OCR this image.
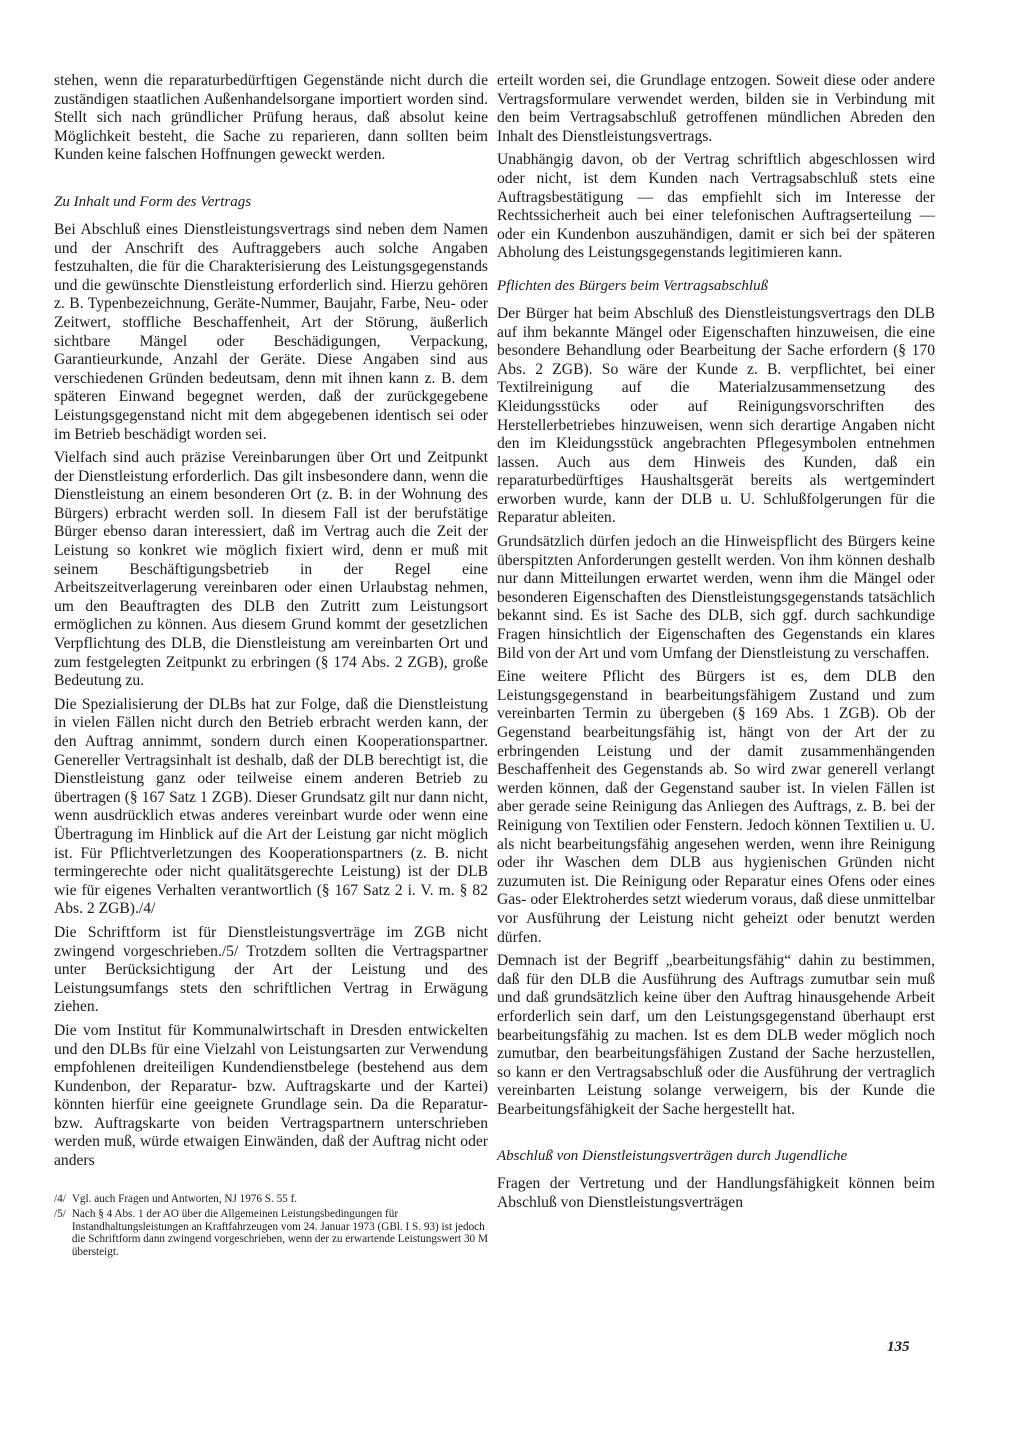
stehen, wenn die reparaturbedürftigen Gegenstände nicht durch die zuständigen staatlichen Außenhandelsorgane importiert worden sind. Stellt sich nach gründlicher Prüfung heraus, daß absolut keine Möglichkeit besteht, die Sache zu reparieren, dann sollten beim Kunden keine falschen Hoffnungen geweckt werden.

Zu Inhalt und Form des Vertrags

Bei Abschluß eines Dienstleistungsvertrags sind neben dem Namen und der Anschrift des Auftraggebers auch solche Angaben festzuhalten, die für die Charakterisierung des Leistungsgegenstands und die gewünschte Dienstleistung erforderlich sind. Hierzu gehören z. B. Typenbezeichnung, Geräte-Nummer, Baujahr, Farbe, Neu- oder Zeitwert, stoffliche Beschaffenheit, Art der Störung, äußerlich sichtbare Mängel oder Beschädigungen, Verpackung, Garantieurkunde, Anzahl der Geräte. Diese Angaben sind aus verschiedenen Gründen bedeutsam, denn mit ihnen kann z. B. dem späteren Einwand begegnet werden, daß der zurückgegebene Leistungsgegenstand nicht mit dem abgegebenen identisch sei oder im Betrieb beschädigt worden sei.

Vielfach sind auch präzise Vereinbarungen über Ort und Zeitpunkt der Dienstleistung erforderlich. Das gilt insbesondere dann, wenn die Dienstleistung an einem besonderen Ort (z. B. in der Wohnung des Bürgers) erbracht werden soll. In diesem Fall ist der berufstätige Bürger ebenso daran interessiert, daß im Vertrag auch die Zeit der Leistung so konkret wie möglich fixiert wird, denn er muß mit seinem Beschäftigungsbetrieb in der Regel eine Arbeitszeitverlagerung vereinbaren oder einen Urlaubstag nehmen, um den Beauftragten des DLB den Zutritt zum Leistungsort ermöglichen zu können. Aus diesem Grund kommt der gesetzlichen Verpflichtung des DLB, die Dienstleistung am vereinbarten Ort und zum festgelegten Zeitpunkt zu erbringen (§ 174 Abs. 2 ZGB), große Bedeutung zu.

Die Spezialisierung der DLBs hat zur Folge, daß die Dienstleistung in vielen Fällen nicht durch den Betrieb erbracht werden kann, der den Auftrag annimmt, sondern durch einen Kooperationspartner. Genereller Vertragsinhalt ist deshalb, daß der DLB berechtigt ist, die Dienstleistung ganz oder teilweise einem anderen Betrieb zu übertragen (§ 167 Satz 1 ZGB). Dieser Grundsatz gilt nur dann nicht, wenn ausdrücklich etwas anderes vereinbart wurde oder wenn eine Übertragung im Hinblick auf die Art der Leistung gar nicht möglich ist. Für Pflichtverletzungen des Kooperationspartners (z. B. nicht termingerechte oder nicht qualitätsgerechte Leistung) ist der DLB wie für eigenes Verhalten verantwortlich (§ 167 Satz 2 i. V. m. § 82 Abs. 2 ZGB)./4/

Die Schriftform ist für Dienstleistungsverträge im ZGB nicht zwingend vorgeschrieben./5/ Trotzdem sollten die Vertragspartner unter Berücksichtigung der Art der Leistung und des Leistungsumfangs stets den schriftlichen Vertrag in Erwägung ziehen.

Die vom Institut für Kommunalwirtschaft in Dresden entwickelten und den DLBs für eine Vielzahl von Leistungsarten zur Verwendung empfohlenen dreiteiligen Kundendienstbelege (bestehend aus dem Kundenbon, der Reparatur- bzw. Auftragskarte und der Kartei) könnten hierfür eine geeignete Grundlage sein. Da die Reparatur- bzw. Auftragskarte von beiden Vertragspartnern unterschrieben werden muß, würde etwaigen Einwänden, daß der Auftrag nicht oder anders

/4/ Vgl. auch Fragen und Antworten, NJ 1976 S. 55 f.
/5/ Nach § 4 Abs. 1 der AO über die Allgemeinen Leistungsbedingungen für Instandhaltungsleistungen an Kraftfahrzeugen vom 24. Januar 1973 (GBl. I S. 93) ist jedoch die Schriftform dann zwingend vorgeschrieben, wenn der zu erwartende Leistungswert 30 M übersteigt.

erteilt worden sei, die Grundlage entzogen. Soweit diese oder andere Vertragsformulare verwendet werden, bilden sie in Verbindung mit den beim Vertragsabschluß getroffenen mündlichen Abreden den Inhalt des Dienstleistungsvertrags.

Unabhängig davon, ob der Vertrag schriftlich abgeschlossen wird oder nicht, ist dem Kunden nach Vertragsabschluß stets eine Auftragsbestätigung — das empfiehlt sich im Interesse der Rechtssicherheit auch bei einer telefonischen Auftragserteilung — oder ein Kundenbon auszuhändigen, damit er sich bei der späteren Abholung des Leistungsgegenstands legitimieren kann.

Pflichten des Bürgers beim Vertragsabschluß

Der Bürger hat beim Abschluß des Dienstleistungsvertrags den DLB auf ihm bekannte Mängel oder Eigenschaften hinzuweisen, die eine besondere Behandlung oder Bearbeitung der Sache erfordern (§ 170 Abs. 2 ZGB). So wäre der Kunde z. B. verpflichtet, bei einer Textilreinigung auf die Materialzusammensetzung des Kleidungsstücks oder auf Reinigungsvorschriften des Herstellerbetriebes hinzuweisen, wenn sich derartige Angaben nicht den im Kleidungsstück angebrachten Pflegesymbolen entnehmen lassen. Auch aus dem Hinweis des Kunden, daß ein reparaturbedürftiges Haushaltsgerät bereits als wertgemindert erworben wurde, kann der DLB u. U. Schlußfolgerungen für die Reparatur ableiten.

Grundsätzlich dürfen jedoch an die Hinweispflicht des Bürgers keine überspitzten Anforderungen gestellt werden. Von ihm können deshalb nur dann Mitteilungen erwartet werden, wenn ihm die Mängel oder besonderen Eigenschaften des Dienstleistungsgegenstands tatsächlich bekannt sind. Es ist Sache des DLB, sich ggf. durch sachkundige Fragen hinsichtlich der Eigenschaften des Gegenstands ein klares Bild von der Art und vom Umfang der Dienstleistung zu verschaffen.

Eine weitere Pflicht des Bürgers ist es, dem DLB den Leistungsgegenstand in bearbeitungsfähigem Zustand und zum vereinbarten Termin zu übergeben (§ 169 Abs. 1 ZGB). Ob der Gegenstand bearbeitungsfähig ist, hängt von der Art der zu erbringenden Leistung und der damit zusammenhängenden Beschaffenheit des Gegenstands ab. So wird zwar generell verlangt werden können, daß der Gegenstand sauber ist. In vielen Fällen ist aber gerade seine Reinigung das Anliegen des Auftrags, z. B. bei der Reinigung von Textilien oder Fenstern. Jedoch können Textilien u. U. als nicht bearbeitungsfähig angesehen werden, wenn ihre Reinigung oder ihr Waschen dem DLB aus hygienischen Gründen nicht zuzumuten ist. Die Reinigung oder Reparatur eines Ofens oder eines Gas- oder Elektroherdes setzt wiederum voraus, daß diese unmittelbar vor Ausführung der Leistung nicht geheizt oder benutzt werden dürfen.

Demnach ist der Begriff „bearbeitungsfähig“ dahin zu bestimmen, daß für den DLB die Ausführung des Auftrags zumutbar sein muß und daß grundsätzlich keine über den Auftrag hinausgehende Arbeit erforderlich sein darf, um den Leistungsgegenstand überhaupt erst bearbeitungsfähig zu machen. Ist es dem DLB weder möglich noch zumutbar, den bearbeitungsfähigen Zustand der Sache herzustellen, so kann er den Vertragsabschluß oder die Ausführung der vertraglich vereinbarten Leistung solange verweigern, bis der Kunde die Bearbeitungsfähigkeit der Sache hergestellt hat.

Abschluß von Dienstleistungsverträgen durch Jugendliche

Fragen der Vertretung und der Handlungsfähigkeit können beim Abschluß von Dienstleistungsverträgen

135
